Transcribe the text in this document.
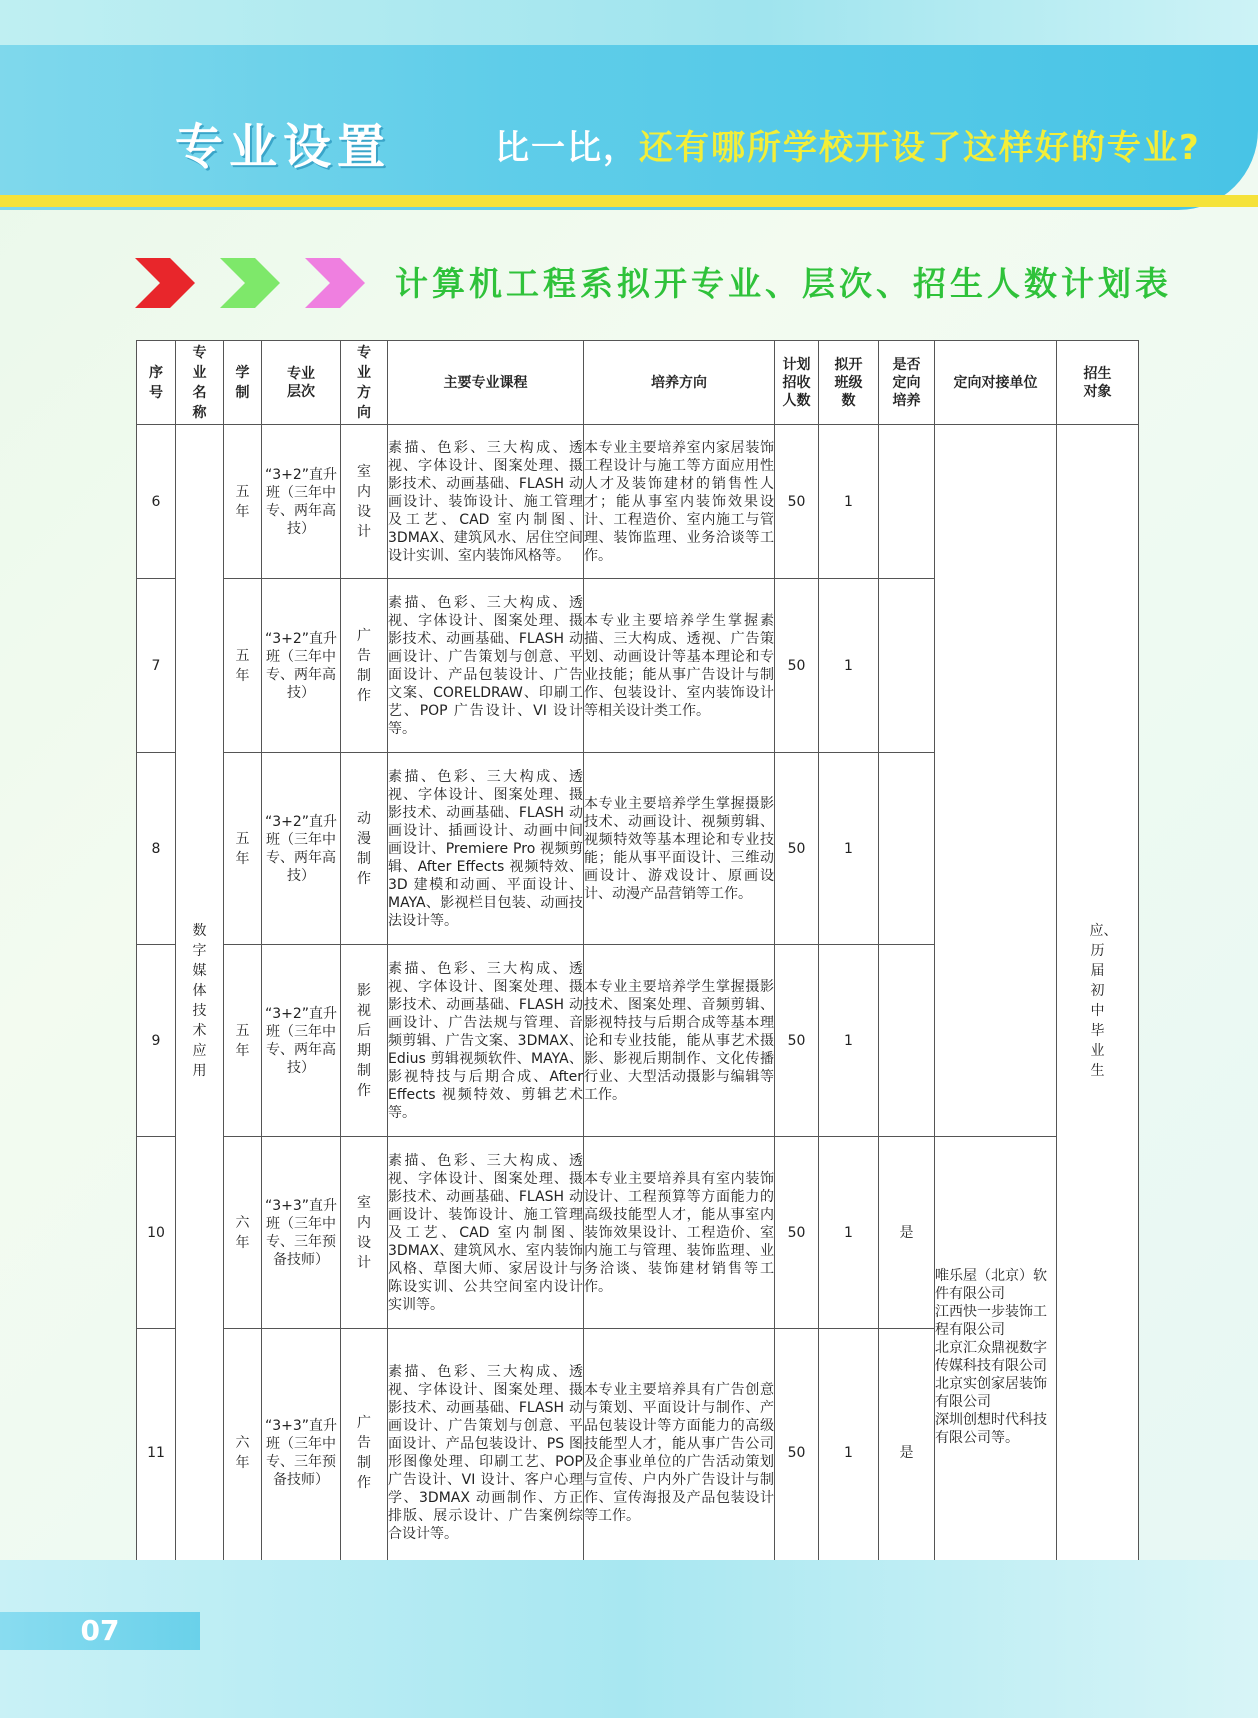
专业设置	比一比，还有哪所学校开设了这样好的专业?
计算机工程系拟开专业、层次、招生人数计划表
序号	专业名称	学制	专业层次	专业方向	主要专业课程	培养方向	计划招收人数	拟开班级数	是否定向培养	定向对接单位	招生对象
6	数字媒体技术应用	五年	“3+2”直升班（三年中专、两年高技）	室内设计	素描、色彩、三大构成、透视、字体设计、图案处理、摄影技术、动画基础、FLASH 动画设计、装饰设计、施工管理及工艺、CAD 室内制图、3DMAX、建筑风水、居住空间设计实训、室内装饰风格等。	本专业主要培养室内家居装饰工程设计与施工等方面应用性人才及装饰建材的销售性人才；能从事室内装饰效果设计、工程造价、室内施工与管理、装饰监理、业务洽谈等工作。	50	1			应、历届初中毕业生
7		五年	“3+2”直升班（三年中专、两年高技）	广告制作	素描、色彩、三大构成、透视、字体设计、图案处理、摄影技术、动画基础、FLASH 动画设计、广告策划与创意、平面设计、产品包装设计、广告文案、CORELDRAW、印刷工艺、POP 广告设计、VI 设计等。	本专业主要培养学生掌握素描、三大构成、透视、广告策划、动画设计等基本理论和专业技能；能从事广告设计与制作、包装设计、室内装饰设计等相关设计类工作。	50	1			
8		五年	“3+2”直升班（三年中专、两年高技）	动漫制作	素描、色彩、三大构成、透视、字体设计、图案处理、摄影技术、动画基础、FLASH 动画设计、插画设计、动画中间画设计、Premiere Pro 视频剪辑、After Effects 视频特效、3D 建模和动画、平面设计、MAYA、影视栏目包装、动画技法设计等。	本专业主要培养学生掌握摄影技术、动画设计、视频剪辑、视频特效等基本理论和专业技能；能从事平面设计、三维动画设计、游戏设计、原画设计、动漫产品营销等工作。	50	1			
9		五年	“3+2”直升班（三年中专、两年高技）	影视后期制作	素描、色彩、三大构成、透视、字体设计、图案处理、摄影技术、动画基础、FLASH 动画设计、广告法规与管理、音频剪辑、广告文案、3DMAX、Edius 剪辑视频软件、MAYA、影视特技与后期合成、After Effects 视频特效、剪辑艺术等。	本专业主要培养学生掌握摄影技术、图案处理、音频剪辑、影视特技与后期合成等基本理论和专业技能，能从事艺术摄影、影视后期制作、文化传播行业、大型活动摄影与编辑等工作。	50	1			
10		六年	“3+3”直升班（三年中专、三年预备技师）	室内设计	素描、色彩、三大构成、透视、字体设计、图案处理、摄影技术、动画基础、FLASH 动画设计、装饰设计、施工管理及工艺、CAD 室内制图、3DMAX、建筑风水、室内装饰风格、草图大师、家居设计与陈设实训、公共空间室内设计实训等。	本专业主要培养具有室内装饰设计、工程预算等方面能力的高级技能型人才，能从事室内装饰效果设计、工程造价、室内施工与管理、装饰监理、业务洽谈、装饰建材销售等工作。	50	1	是	唯乐屋（北京）软件有限公司
江西快一步装饰工程有限公司
北京汇众鼎视数字传媒科技有限公司
北京实创家居装饰有限公司
深圳创想时代科技有限公司等。	
11		六年	“3+3”直升班（三年中专、三年预备技师）	广告制作	素描、色彩、三大构成、透视、字体设计、图案处理、摄影技术、动画基础、FLASH 动画设计、广告策划与创意、平面设计、产品包装设计、PS 图形图像处理、印刷工艺、POP 广告设计、VI 设计、客户心理学、3DMAX 动画制作、方正排版、展示设计、广告案例综合设计等。	本专业主要培养具有广告创意与策划、平面设计与制作、产品包装设计等方面能力的高级技能型人才，能从事广告公司及企事业单位的广告活动策划与宣传、户内外广告设计与制作、宣传海报及产品包装设计等工作。	50	1	是		
07
